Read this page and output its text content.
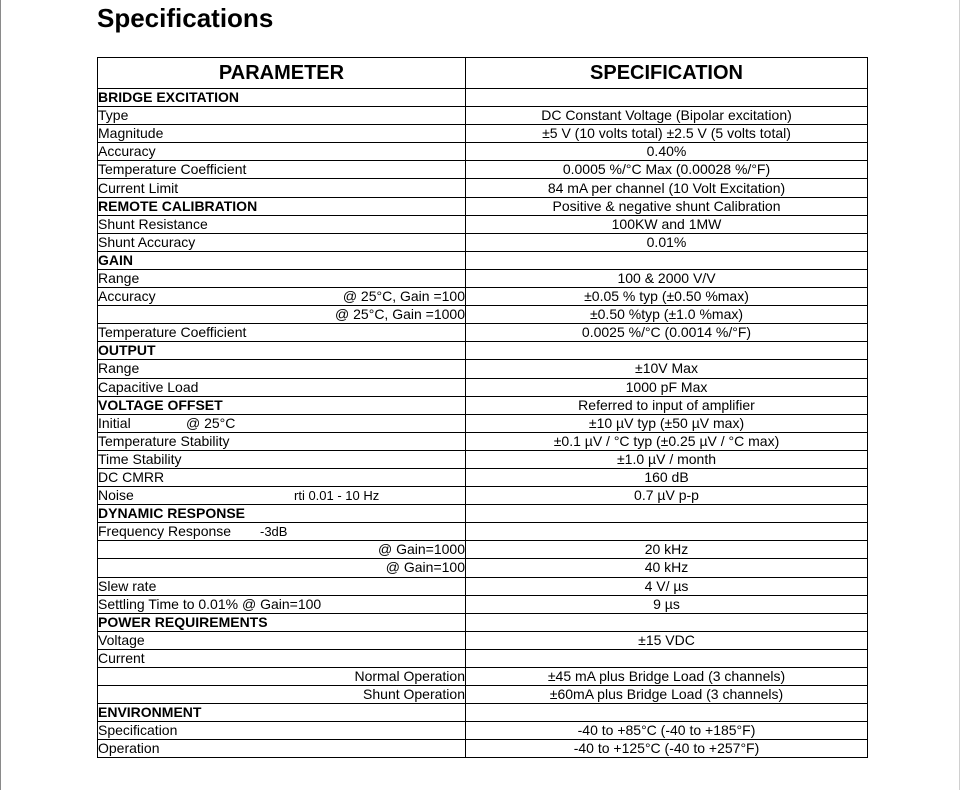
Specifications
PARAMETER	SPECIFICATION
BRIDGE EXCITATION	
Type	DC Constant Voltage (Bipolar excitation)
Magnitude	±5 V (10 volts total) ±2.5 V (5 volts total)
Accuracy	0.40%
Temperature Coefficient	0.0005 %/°C Max (0.00028 %/°F)
Current Limit	84 mA per channel (10 Volt Excitation)
REMOTE CALIBRATION	Positive & negative shunt Calibration
Shunt Resistance	100KW and 1MW
Shunt Accuracy	0.01%
GAIN	
Range	100 & 2000 V/V

Accuracy @ 25°C, Gain =100	±0.05 % typ (±0.50 %max)
@ 25°C, Gain =1000	±0.50 %typ (±1.0 %max)
Temperature Coefficient	0.0025 %/°C (0.0014 %/°F)
OUTPUT	
Range	±10V Max
Capacitive Load	1000 pF Max
VOLTAGE OFFSET	Referred to input of amplifier
Initial @ 25°C	±10 µV typ (±50 µV max)
Temperature Stability	±0.1 µV / °C typ (±0.25 µV / °C max)
Time Stability	±1.0 µV / month
DC CMRR	160 dB
Noise rti 0.01 - 10 Hz	0.7 µV p-p
DYNAMIC RESPONSE	
Frequency Response -3dB	
@ Gain=1000	20 kHz
@ Gain=100	40 kHz
Slew rate	4 V/ µs
Settling Time to 0.01% @ Gain=100	9 µs
POWER REQUIREMENTS	
Voltage	±15 VDC
Current	
Normal Operation	±45 mA plus Bridge Load (3 channels)
Shunt Operation	±60mA plus Bridge Load (3 channels)
ENVIRONMENT	
Specification	-40 to +85°C (-40 to +185°F)
Operation	-40 to +125°C (-40 to +257°F)
